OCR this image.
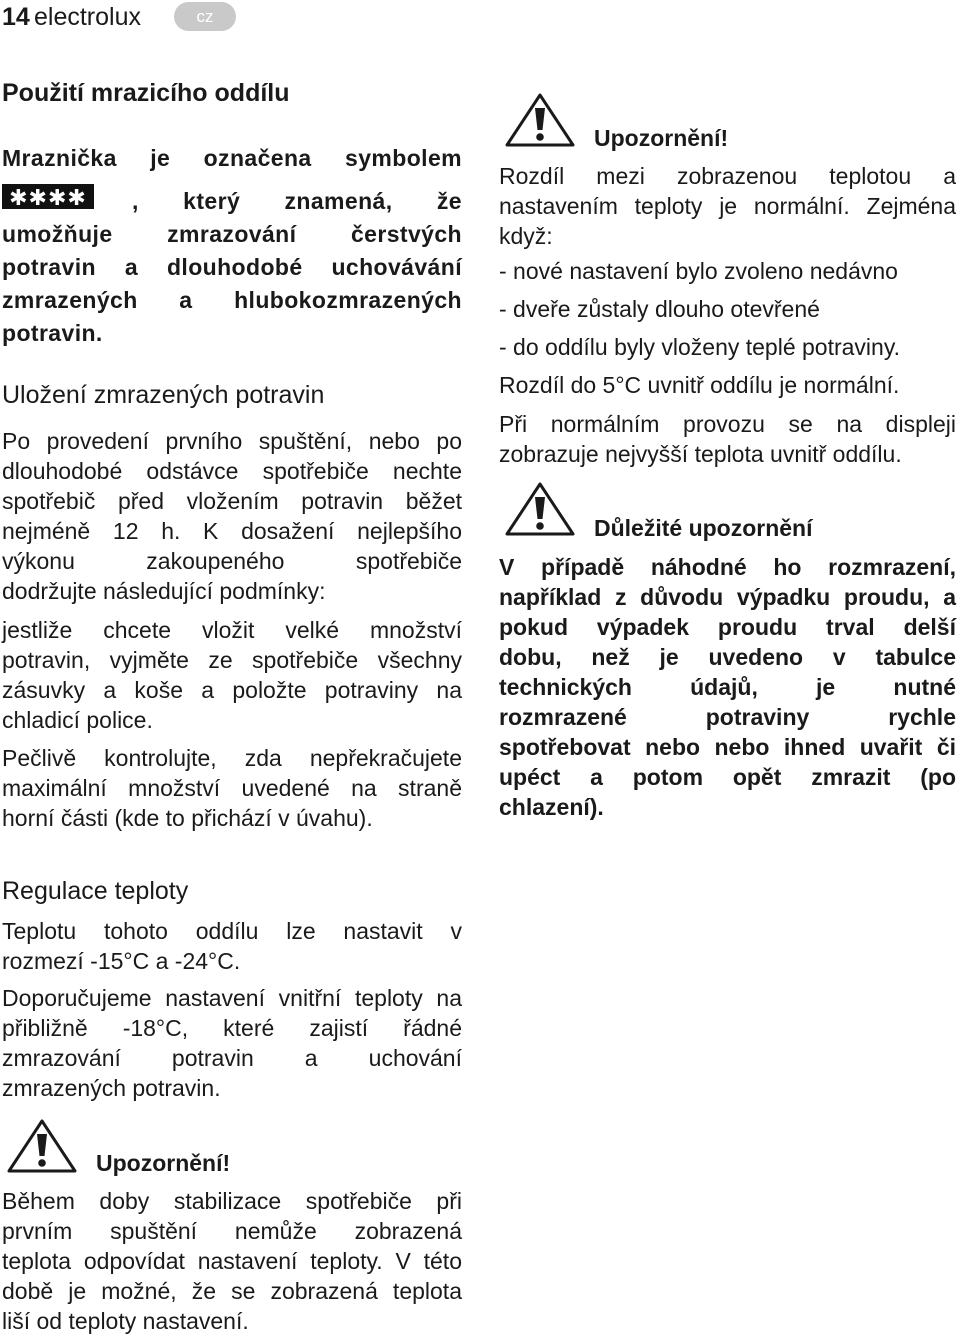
14 electrolux	cz
Použití mrazicího oddílu
Mraznička je označena symbolem
✱✱✱✱	, který znamená, že
umožňuje zmrazování čerstvých
potravin a dlouhodobé uchovávání
zmrazených a hlubokozmrazených
potravin.
Uložení zmrazených potravin
Po provedení prvního spuštění, nebo po
dlouhodobé odstávce spotřebiče nechte
spotřebič před vložením potravin běžet
nejméně 12 h. K dosažení nejlepšího
výkonu zakoupeného spotřebiče
dodržujte následující podmínky:
jestliže chcete vložit velké množství
potravin, vyjměte ze spotřebiče všechny
zásuvky a koše a položte potraviny na
chladicí police.
Pečlivě kontrolujte, zda nepřekračujete
maximální množství uvedené na straně
horní části (kde to přichází v úvahu).
Regulace teploty
Teplotu tohoto oddílu lze nastavit v
rozmezí -15°C a -24°C.
Doporučujeme nastavení vnitřní teploty na
přibližně -18°C, které zajistí řádné
zmrazování potravin a uchování
zmrazených potravin.
Upozornění!
Během doby stabilizace spotřebiče při
prvním spuštění nemůže zobrazená
teplota odpovídat nastavení teploty. V této
době je možné, že se zobrazená teplota
liší od teploty nastavení.
Upozornění!
Rozdíl mezi zobrazenou teplotou a
nastavením teploty je normální. Zejména
když:
- nové nastavení bylo zvoleno nedávno
- dveře zůstaly dlouho otevřené
- do oddílu byly vloženy teplé potraviny.
Rozdíl do 5°C uvnitř oddílu je normální.
Při normálním provozu se na displeji
zobrazuje nejvyšší teplota uvnitř oddílu.
Důležité upozornění
V případě náhodné ho rozmrazení,
například z důvodu výpadku proudu, a
pokud výpadek proudu trval delší
dobu, než je uvedeno v tabulce
technických údajů, je nutné
rozmrazené potraviny rychle
spotřebovat nebo nebo ihned uvařit či
upéct a potom opět zmrazit (po
chlazení).
